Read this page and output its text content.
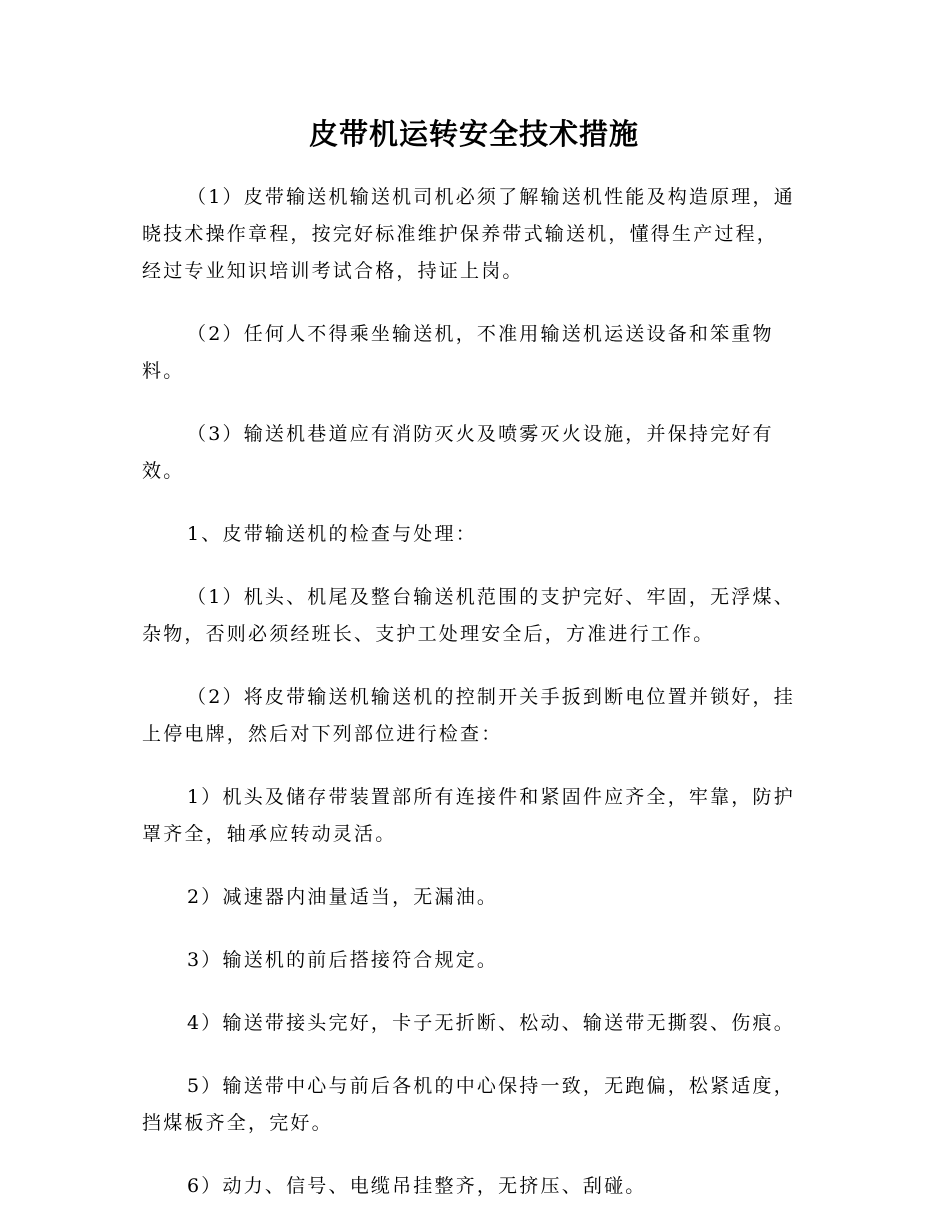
皮带机运转安全技术措施

（1）皮带输送机输送机司机必须了解输送机性能及构造原理，通
晓技术操作章程，按完好标准维护保养带式输送机，懂得生产过程，
经过专业知识培训考试合格，持证上岗。

（2）任何人不得乘坐输送机，不准用输送机运送设备和笨重物
料。

（3）输送机巷道应有消防灭火及喷雾灭火设施，并保持完好有
效。

1、皮带输送机的检查与处理：

（1）机头、机尾及整台输送机范围的支护完好、牢固，无浮煤、
杂物，否则必须经班长、支护工处理安全后，方准进行工作。

（2）将皮带输送机输送机的控制开关手扳到断电位置并锁好，挂
上停电牌，然后对下列部位进行检查：

1）机头及储存带装置部所有连接件和紧固件应齐全，牢靠，防护
罩齐全，轴承应转动灵活。

2）减速器内油量适当，无漏油。

3）输送机的前后搭接符合规定。

4）输送带接头完好，卡子无折断、松动、输送带无撕裂、伤痕。

5）输送带中心与前后各机的中心保持一致，无跑偏，松紧适度，
挡煤板齐全，完好。

6）动力、信号、电缆吊挂整齐，无挤压、刮碰。
